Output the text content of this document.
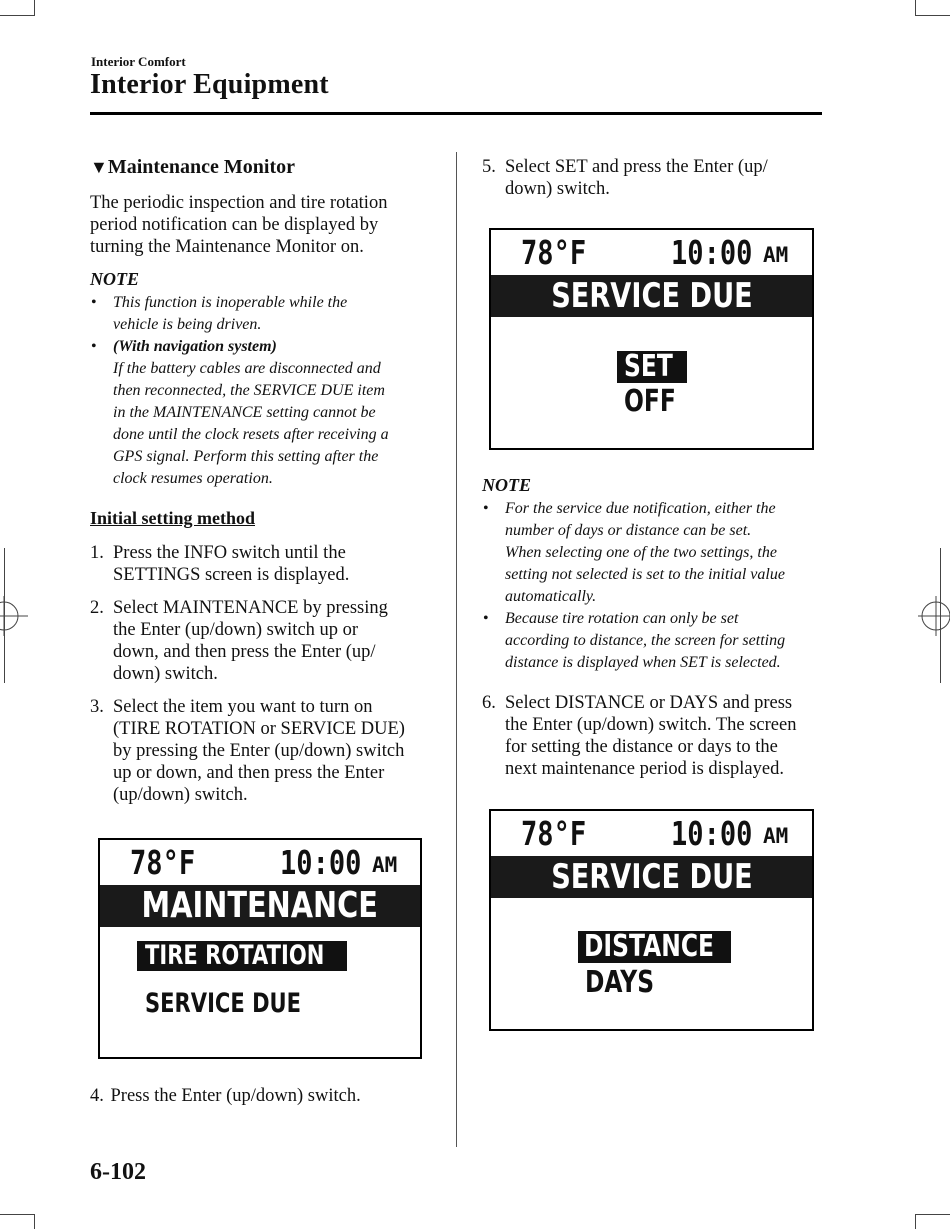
Interior Comfort
Interior Equipment
▼Maintenance Monitor
The periodic inspection and tire rotation
period notification can be displayed by
turning the Maintenance Monitor on.
NOTE
• This function is inoperable while the
vehicle is being driven.
• (With navigation system)
If the battery cables are disconnected and
then reconnected, the SERVICE DUE item
in the MAINTENANCE setting cannot be
done until the clock resets after receiving a
GPS signal. Perform this setting after the
clock resumes operation.
Initial setting method
1. Press the INFO switch until the
SETTINGS screen is displayed.
2. Select MAINTENANCE by pressing
the Enter (up/down) switch up or
down, and then press the Enter (up/
down) switch.
3. Select the item you want to turn on
(TIRE ROTATION or SERVICE DUE)
by pressing the Enter (up/down) switch
up or down, and then press the Enter
(up/down) switch.
78°F	10:00 AM
MAINTENANCE
TIRE ROTATION
SERVICE DUE
4. Press the Enter (up/down) switch.
5. Select SET and press the Enter (up/
down) switch.
78°F	10:00 AM
SERVICE DUE
SET
OFF
NOTE
• For the service due notification, either the
number of days or distance can be set.
When selecting one of the two settings, the
setting not selected is set to the initial value
automatically.
• Because tire rotation can only be set
according to distance, the screen for setting
distance is displayed when SET is selected.
6. Select DISTANCE or DAYS and press
the Enter (up/down) switch. The screen
for setting the distance or days to the
next maintenance period is displayed.
78°F	10:00 AM
SERVICE DUE
DISTANCE
DAYS
6-102
